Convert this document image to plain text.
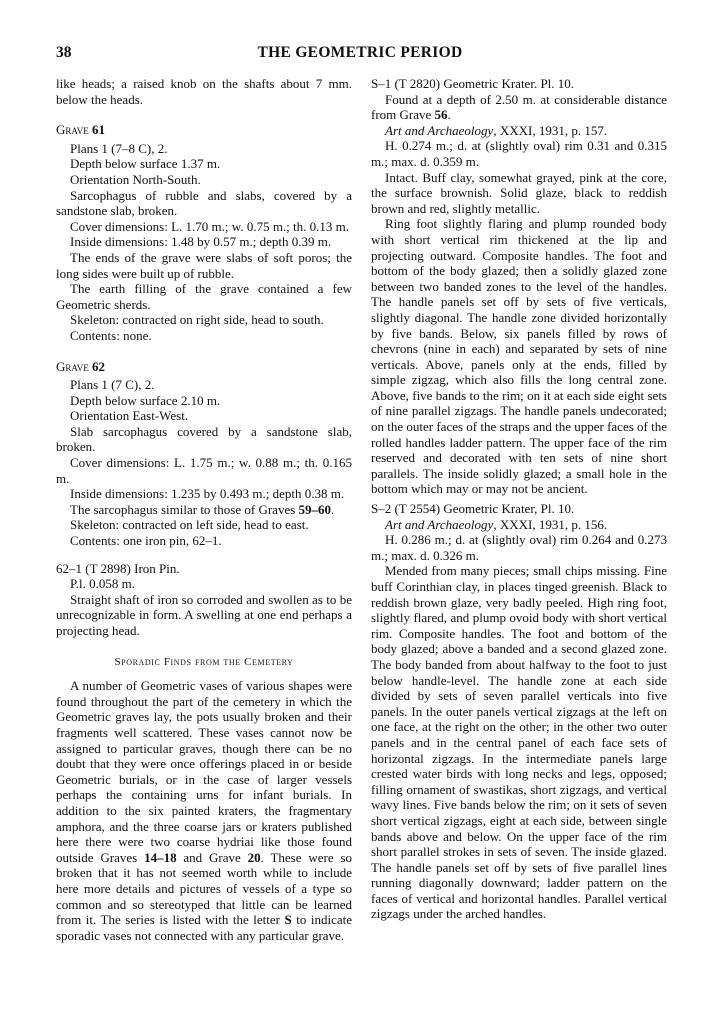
38	THE GEOMETRIC PERIOD

like heads; a raised knob on the shafts about 7 mm. below the heads.

Grave 61

Plans 1 (7–8 C), 2.

Depth below surface 1.37 m.

Orientation North-South.

Sarcophagus of rubble and slabs, covered by a sandstone slab, broken.

Cover dimensions: L. 1.70 m.; w. 0.75 m.; th. 0.13 m.

Inside dimensions: 1.48 by 0.57 m.; depth 0.39 m.

The ends of the grave were slabs of soft poros; the long sides were built up of rubble.

The earth filling of the grave contained a few Geometric sherds.

Skeleton: contracted on right side, head to south.

Contents: none.

Grave 62

Plans 1 (7 C), 2.

Depth below surface 2.10 m.

Orientation East-West.

Slab sarcophagus covered by a sandstone slab, broken.

Cover dimensions: L. 1.75 m.; w. 0.88 m.; th. 0.165 m.

Inside dimensions: 1.235 by 0.493 m.; depth 0.38 m.

The sarcophagus similar to those of Graves 59–60.

Skeleton: contracted on left side, head to east.

Contents: one iron pin, 62–1.

62–1 (T 2898) Iron Pin.

P.l. 0.058 m.

Straight shaft of iron so corroded and swollen as to be unrecognizable in form. A swelling at one end perhaps a projecting head.

Sporadic Finds from the Cemetery

A number of Geometric vases of various shapes were found throughout the part of the cemetery in which the Geometric graves lay, the pots usually broken and their fragments well scattered. These vases cannot now be assigned to particular graves, though there can be no doubt that they were once offerings placed in or beside Geometric burials, or in the case of larger vessels perhaps the containing urns for infant burials. In addition to the six painted kraters, the fragmentary amphora, and the three coarse jars or kraters published here there were two coarse hydriai like those found outside Graves 14–18 and Grave 20. These were so broken that it has not seemed worth while to include here more details and pictures of vessels of a type so common and so stereotyped that little can be learned from it. The series is listed with the letter S to indicate sporadic vases not connected with any particular grave.

S–1 (T 2820) Geometric Krater. Pl. 10.

Found at a depth of 2.50 m. at considerable distance from Grave 56.

Art and Archaeology, XXXI, 1931, p. 157.

H. 0.274 m.; d. at (slightly oval) rim 0.31 and 0.315 m.; max. d. 0.359 m.

Intact. Buff clay, somewhat grayed, pink at the core, the surface brownish. Solid glaze, black to reddish brown and red, slightly metallic.

Ring foot slightly flaring and plump rounded body with short vertical rim thickened at the lip and projecting outward. Composite handles. The foot and bottom of the body glazed; then a solidly glazed zone between two banded zones to the level of the handles. The handle panels set off by sets of five verticals, slightly diagonal. The handle zone divided horizontally by five bands. Below, six panels filled by rows of chevrons (nine in each) and separated by sets of nine verticals. Above, panels only at the ends, filled by simple zigzag, which also fills the long central zone. Above, five bands to the rim; on it at each side eight sets of nine parallel zigzags. The handle panels undecorated; on the outer faces of the straps and the upper faces of the rolled handles ladder pattern. The upper face of the rim reserved and decorated with ten sets of nine short parallels. The inside solidly glazed; a small hole in the bottom which may or may not be ancient.

S–2 (T 2554) Geometric Krater, Pl. 10.

Art and Archaeology, XXXI, 1931, p. 156.

H. 0.286 m.; d. at (slightly oval) rim 0.264 and 0.273 m.; max. d. 0.326 m.

Mended from many pieces; small chips missing. Fine buff Corinthian clay, in places tinged greenish. Black to reddish brown glaze, very badly peeled. High ring foot, slightly flared, and plump ovoid body with short vertical rim. Composite handles. The foot and bottom of the body glazed; above a banded and a second glazed zone. The body banded from about halfway to the foot to just below handle-level. The handle zone at each side divided by sets of seven parallel verticals into five panels. In the outer panels vertical zigzags at the left on one face, at the right on the other; in the other two outer panels and in the central panel of each face sets of horizontal zigzags. In the intermediate panels large crested water birds with long necks and legs, opposed; filling ornament of swastikas, short zigzags, and vertical wavy lines. Five bands below the rim; on it sets of seven short vertical zigzags, eight at each side, between single bands above and below. On the upper face of the rim short parallel strokes in sets of seven. The inside glazed. The handle panels set off by sets of five parallel lines running diagonally downward; ladder pattern on the faces of vertical and horizontal handles. Parallel vertical zigzags under the arched handles.
